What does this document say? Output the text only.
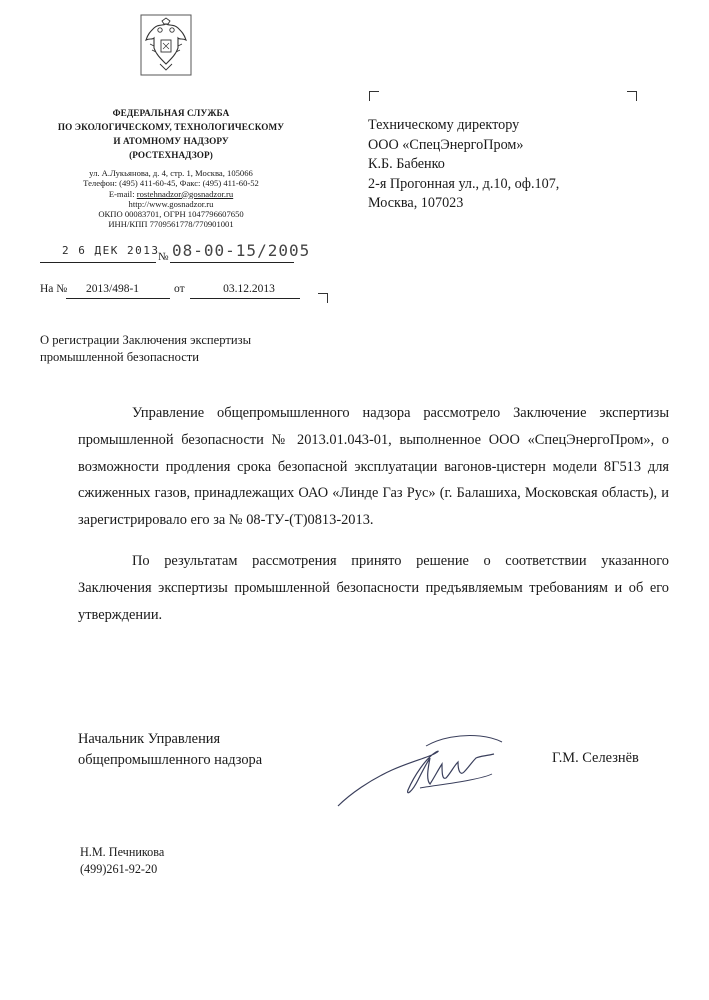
ФЕДЕРАЛЬНАЯ СЛУЖБА
ПО ЭКОЛОГИЧЕСКОМУ, ТЕХНОЛОГИЧЕСКОМУ
И АТОМНОМУ НАДЗОРУ
(РОСТЕХНАДЗОР)
ул. А.Лукьянова, д. 4, стр. 1, Москва, 105066
Телефон: (495) 411-60-45, Факс: (495) 411-60-52
E-mail: rostehnadzor@gosnadzor.ru
http://www.gosnadzor.ru
ОКПО 00083701, ОГРН 1047796607650
ИНН/КПП 7709561778/770901001
2 6 ДЕК 2013
№ 08-00-15/2005
На № 2013/498-1	от	03.12.2013
Техническому директору
ООО «СпецЭнергоПром»
К.Б. Бабенко
2-я Прогонная ул., д.10, оф.107,
Москва, 107023
О регистрации Заключения экспертизы
промышленной безопасности

Управление общепромышленного надзора рассмотрело Заключение экспертизы промышленной безопасности № 2013.01.043-01, выполненное ООО «СпецЭнергоПром», о возможности продления срока безопасной эксплуатации вагонов-цистерн модели 8Г513 для сжиженных газов, принадлежащих ОАО «Линде Газ Рус» (г. Балашиха, Московская область), и зарегистрировало его за № 08-ТУ-(Т)0813-2013.

По результатам рассмотрения принято решение о соответствии указанного Заключения экспертизы промышленной безопасности предъявляемым требованиям и об его утверждении.

Начальник Управления
общепромышленного надзора	Г.М. Селезнёв
Н.М. Печникова
(499)261-92-20
